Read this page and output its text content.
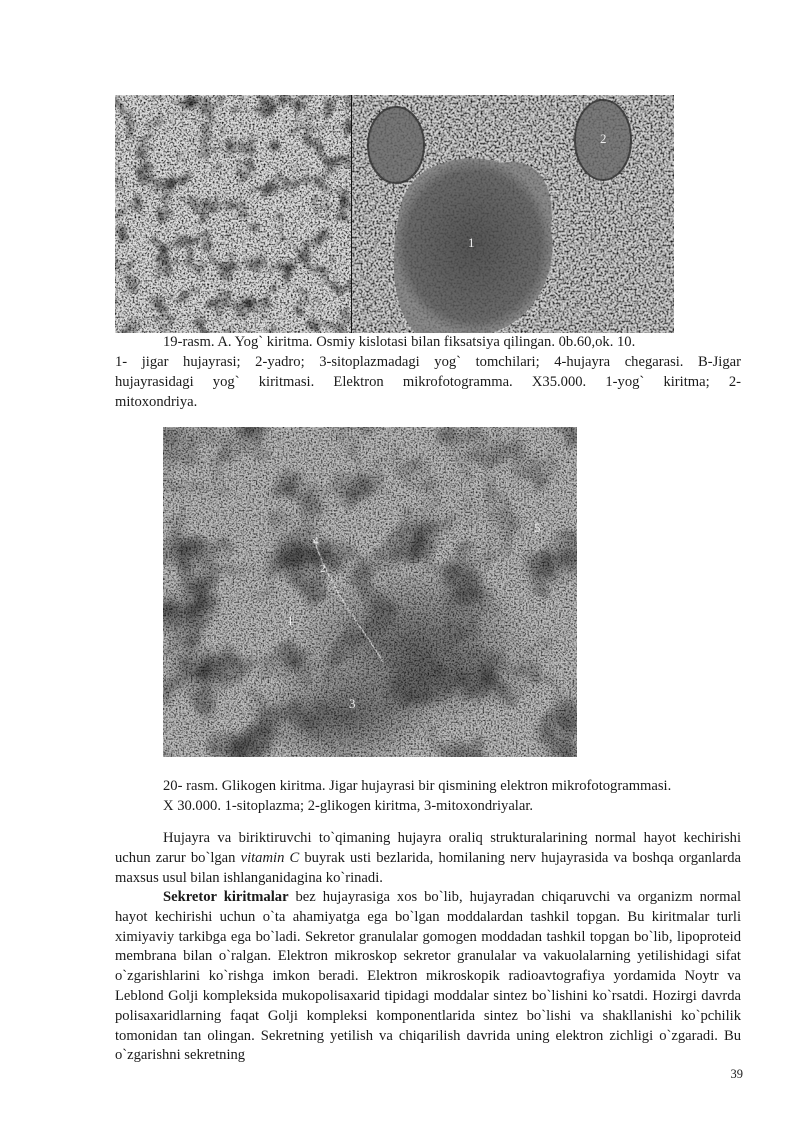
1
2
19-rasm. A. Yog` kiritma. Osmiy kislotasi bilan fiksatsiya qilingan. 0b.60,ok. 10.
1- jigar hujayrasi; 2-yadro; 3-sitoplazmadagi yog` tomchilari; 4-hujayra chegarasi. B-Jigar
hujayrasidagi yog` kiritmasi. Elektron mikrofotogramma. X35.000. 1-yog` kiritma; 2-
mitoxondriya.
1
2
3
4
5
20- rasm. Glikogen kiritma. Jigar hujayrasi bir qismining elektron mikrofotogrammasi.
X 30.000. 1-sitoplazma; 2-glikogen kiritma, 3-mitoxondriyalar.

Hujayra va biriktiruvchi to`qimaning hujayra oraliq strukturalarining normal hayot kechirishi uchun zarur bo`lgan vitamin C buyrak usti bezlarida, homilaning nerv hujayrasida va boshqa organlarda maxsus usul bilan ishlanganidagina ko`rinadi.

Sekretor kiritmalar bez hujayrasiga xos bo`lib, hujayradan chiqaruvchi va organizm normal hayot kechirishi uchun o`ta ahamiyatga ega bo`lgan moddalardan tashkil topgan. Bu kiritmalar turli ximiyaviy tarkibga ega bo`ladi. Sekretor granulalar gomogen moddadan tashkil topgan bo`lib, lipoproteid membrana bilan o`ralgan. Elektron mikroskop sekretor granulalar va vakuolalarning yetilishidagi sifat o`zgarishlarini ko`rishga imkon beradi. Elektron mikroskopik radioavtografiya yordamida Noytr va Leblond Golji kompleksida mukopolisaxarid tipidagi moddalar sintez bo`lishini ko`rsatdi. Hozirgi davrda polisaxaridlarning faqat Golji kompleksi komponentlarida sintez bo`lishi va shakllanishi ko`pchilik tomonidan tan olingan. Sekretning yetilish va chiqarilish davrida uning elektron zichligi o`zgaradi. Bu o`zgarishni sekretning

39
